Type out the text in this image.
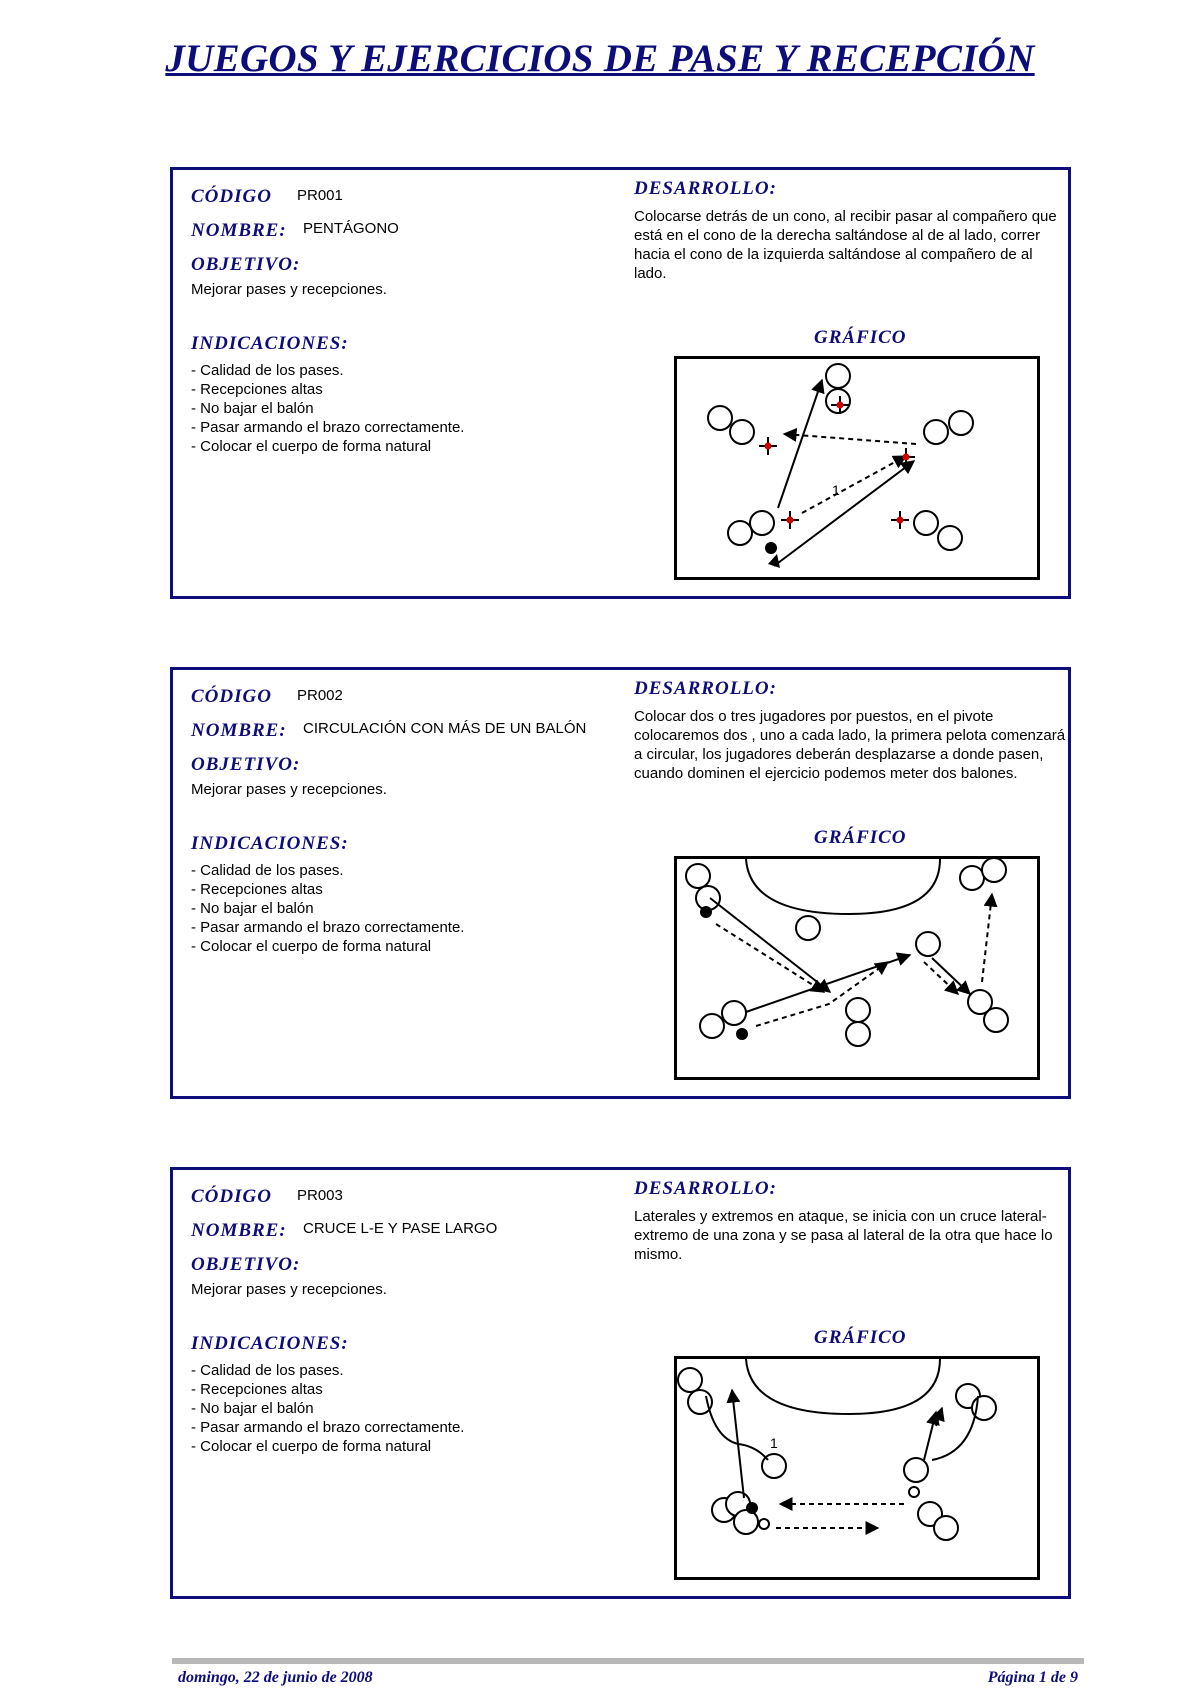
JUEGOS Y EJERCICIOS DE PASE Y RECEPCIÓN
CÓDIGO PR001
NOMBRE: PENTÁGONO
OBJETIVO:
Mejorar pases y recepciones.
INDICACIONES:
- Calidad de los pases.
- Recepciones altas
- No bajar el balón
- Pasar armando el brazo correctamente.
- Colocar el cuerpo de forma natural
DESARROLLO:

Colocarse detrás de un cono, al recibir pasar al compañero que está en el cono de la derecha saltándose al de al lado, correr hacia el cono de la izquierda saltándose al compañero de al lado.

GRÁFICO
1
CÓDIGO PR002
NOMBRE: CIRCULACIÓN CON MÁS DE UN BALÓN
OBJETIVO:
Mejorar pases y recepciones.
INDICACIONES:
- Calidad de los pases.
- Recepciones altas
- No bajar el balón
- Pasar armando el brazo correctamente.
- Colocar el cuerpo de forma natural
DESARROLLO:

Colocar dos o tres jugadores por puestos, en el pivote colocaremos dos , uno a cada lado, la primera pelota comenzará a circular, los jugadores deberán desplazarse a donde pasen, cuando dominen el ejercicio podemos meter dos balones.

GRÁFICO
CÓDIGO PR003
NOMBRE: CRUCE L-E Y PASE LARGO
OBJETIVO:
Mejorar pases y recepciones.
INDICACIONES:
- Calidad de los pases.
- Recepciones altas
- No bajar el balón
- Pasar armando el brazo correctamente.
- Colocar el cuerpo de forma natural
DESARROLLO:

Laterales y extremos en ataque, se inicia con un cruce lateral-extremo de una zona y se pasa al lateral de la otra que hace lo mismo.

GRÁFICO
1
domingo, 22 de junio de 2008	Página 1 de 9
